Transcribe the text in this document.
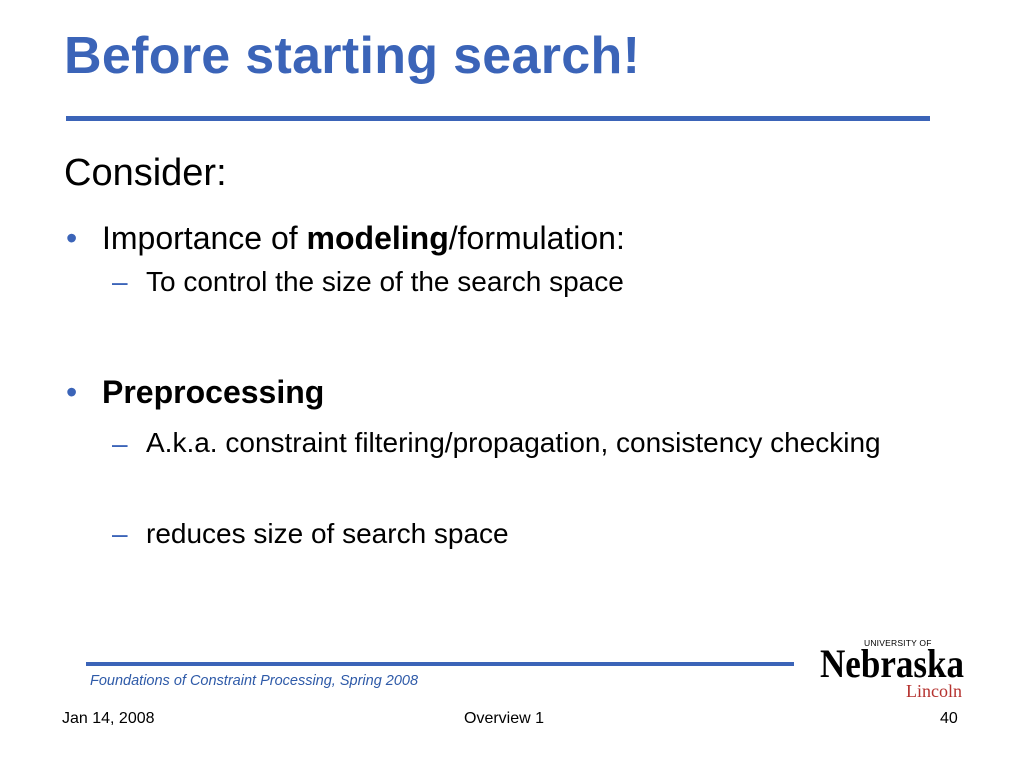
Before starting search!
Consider:
• Importance of modeling/formulation:
– To control the size of the search space
• Preprocessing
– A.k.a. constraint filtering/propagation, consistency checking
– reduces size of search space
Foundations of Constraint Processing, Spring 2008
Jan 14, 2008	Overview 1	40
UNIVERSITY OF
Nebraska
Lincoln
